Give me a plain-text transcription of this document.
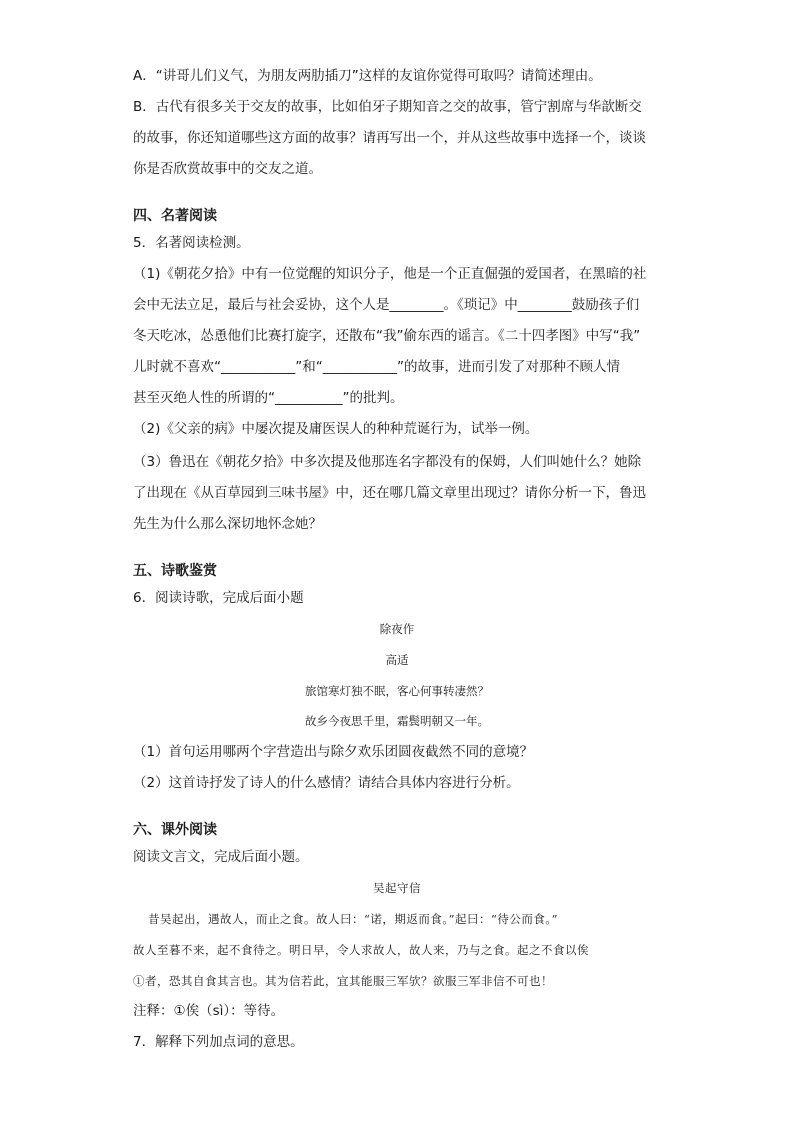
A．“讲哥儿们义气，为朋友两肋插刀”这样的友谊你觉得可取吗？请简述理由。
B．古代有很多关于交友的故事，比如伯牙子期知音之交的故事，管宁割席与华歆断交
的故事，你还知道哪些这方面的故事？请再写出一个，并从这些故事中选择一个，谈谈
你是否欣赏故事中的交友之道。
四、名著阅读
5．名著阅读检测。
（1)《朝花夕拾》中有一位觉醒的知识分子，他是一个正直倔强的爱国者，在黑暗的社
会中无法立足，最后与社会妥协，这个人是________。《琐记》中________鼓励孩子们
冬天吃冰，怂恿他们比赛打旋字，还散布“我”偷东西的谣言。《二十四孝图》中写“我”
儿时就不喜欢“___________”和“___________”的故事，进而引发了对那种不顾人情
甚至灭绝人性的所谓的“__________”的批判。
（2)《父亲的病》中屡次提及庸医误人的种种荒诞行为，试举一例。
（3）鲁迅在《朝花夕拾》中多次提及他那连名字都没有的保姆，人们叫她什么？她除
了出现在《从百草园到三味书屋》中，还在哪几篇文章里出现过？请你分析一下，鲁迅
先生为什么那么深切地怀念她？
五、诗歌鉴赏
6．阅读诗歌，完成后面小题
除夜作
高适
旅馆寒灯独不眠，客心何事转凄然？
故乡今夜思千里，霜鬓明朝又一年。
（1）首句运用哪两个字营造出与除夕欢乐团圆夜截然不同的意境？
（2）这首诗抒发了诗人的什么感情？请结合具体内容进行分析。
六、课外阅读
阅读文言文，完成后面小题。
吴起守信
昔吴起出，遇故人，而止之食。故人曰：“诺，期返而食。”起曰：“待公而食。”
故人至暮不来，起不食待之。明日早，令人求故人，故人来，乃与之食。起之不食以俟
①者，恐其自食其言也。其为信若此，宜其能服三军欤？欲服三军非信不可也！
注释：①俟（sì）：等待。
7．解释下列加点词的意思。
